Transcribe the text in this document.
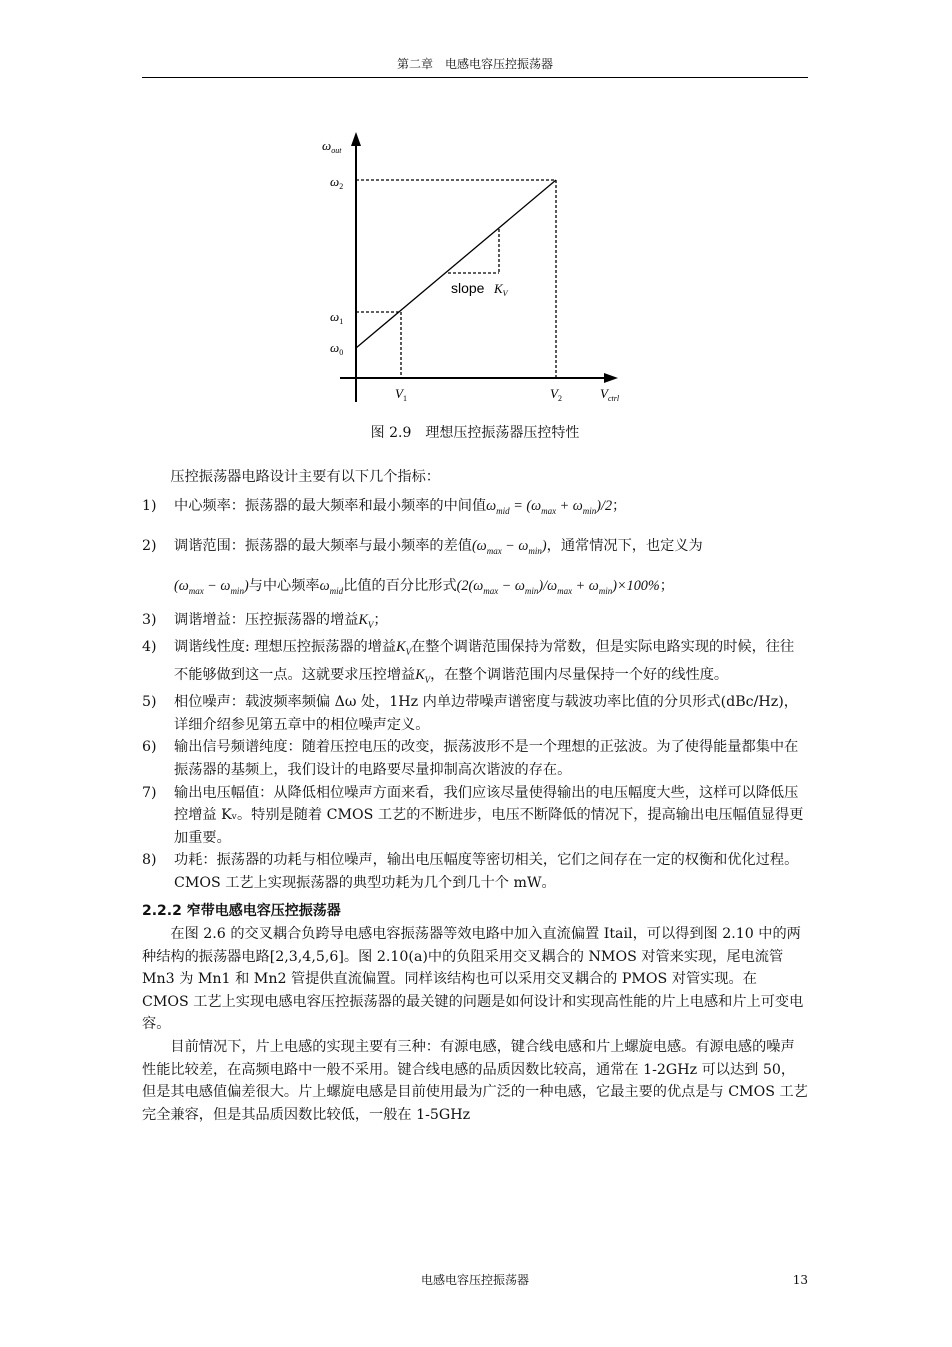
第二章　电感电容压控振荡器
$\omega_{out}$
$\omega_2$
$\omega_1$
$\omega_0$
$V_1$	$V_2$	$V_{ctrl}$
slope $K_V$
图 2.9　理想压控振荡器压控特性

压控振荡器电路设计主要有以下几个指标：

1) 中心频率：振荡器的最大频率和最小频率的中间值$\omega_{mid} = (\omega_{max} + \omega_{min})/2$；
2) 调谐范围：振荡器的最大频率与最小频率的差值$(\omega_{max} - \omega_{min})$，通常情况下，也定义为
$(\omega_{max} - \omega_{min})$与中心频率$\omega_{mid}$比值的百分比形式$(2(\omega_{max} - \omega_{min})/\omega_{max} + \omega_{min})\times 100\%$；
3) 调谐增益：压控振荡器的增益$K_V$；
4) 调谐线性度: 理想压控振荡器的增益$K_V$在整个调谐范围保持为常数，但是实际电路实现的时候，往往不能够做到这一点。这就要求压控增益$K_V$，在整个调谐范围内尽量保持一个好的线性度。
5) 相位噪声：载波频率频偏 Δω 处，1Hz 内单边带噪声谱密度与载波功率比值的分贝形式(dBc/Hz)，详细介绍参见第五章中的相位噪声定义。
6) 输出信号频谱纯度：随着压控电压的改变，振荡波形不是一个理想的正弦波。为了使得能量都集中在振荡器的基频上，我们设计的电路要尽量抑制高次谐波的存在。
7) 输出电压幅值：从降低相位噪声方面来看，我们应该尽量使得输出的电压幅度大些，这样可以降低压控增益 Kᵥ。特别是随着 CMOS 工艺的不断进步，电压不断降低的情况下，提高输出电压幅值显得更加重要。
8) 功耗：振荡器的功耗与相位噪声，输出电压幅度等密切相关，它们之间存在一定的权衡和优化过程。CMOS 工艺上实现振荡器的典型功耗为几个到几十个 mW。

2.2.2 窄带电感电容压控振荡器

在图 2.6 的交叉耦合负跨导电感电容振荡器等效电路中加入直流偏置 Itail，可以得到图 2.10 中的两种结构的振荡器电路[2,3,4,5,6]。图 2.10(a)中的负阻采用交叉耦合的 NMOS 对管来实现，尾电流管 Mn3 为 Mn1 和 Mn2 管提供直流偏置。同样该结构也可以采用交叉耦合的 PMOS 对管实现。在 CMOS 工艺上实现电感电容压控振荡器的最关键的问题是如何设计和实现高性能的片上电感和片上可变电容。

目前情况下，片上电感的实现主要有三种：有源电感，键合线电感和片上螺旋电感。有源电感的噪声性能比较差，在高频电路中一般不采用。键合线电感的品质因数比较高，通常在 1-2GHz 可以达到 50，但是其电感值偏差很大。片上螺旋电感是目前使用最为广泛的一种电感，它最主要的优点是与 CMOS 工艺完全兼容，但是其品质因数比较低，一般在 1-5GHz

电感电容压控振荡器	13
